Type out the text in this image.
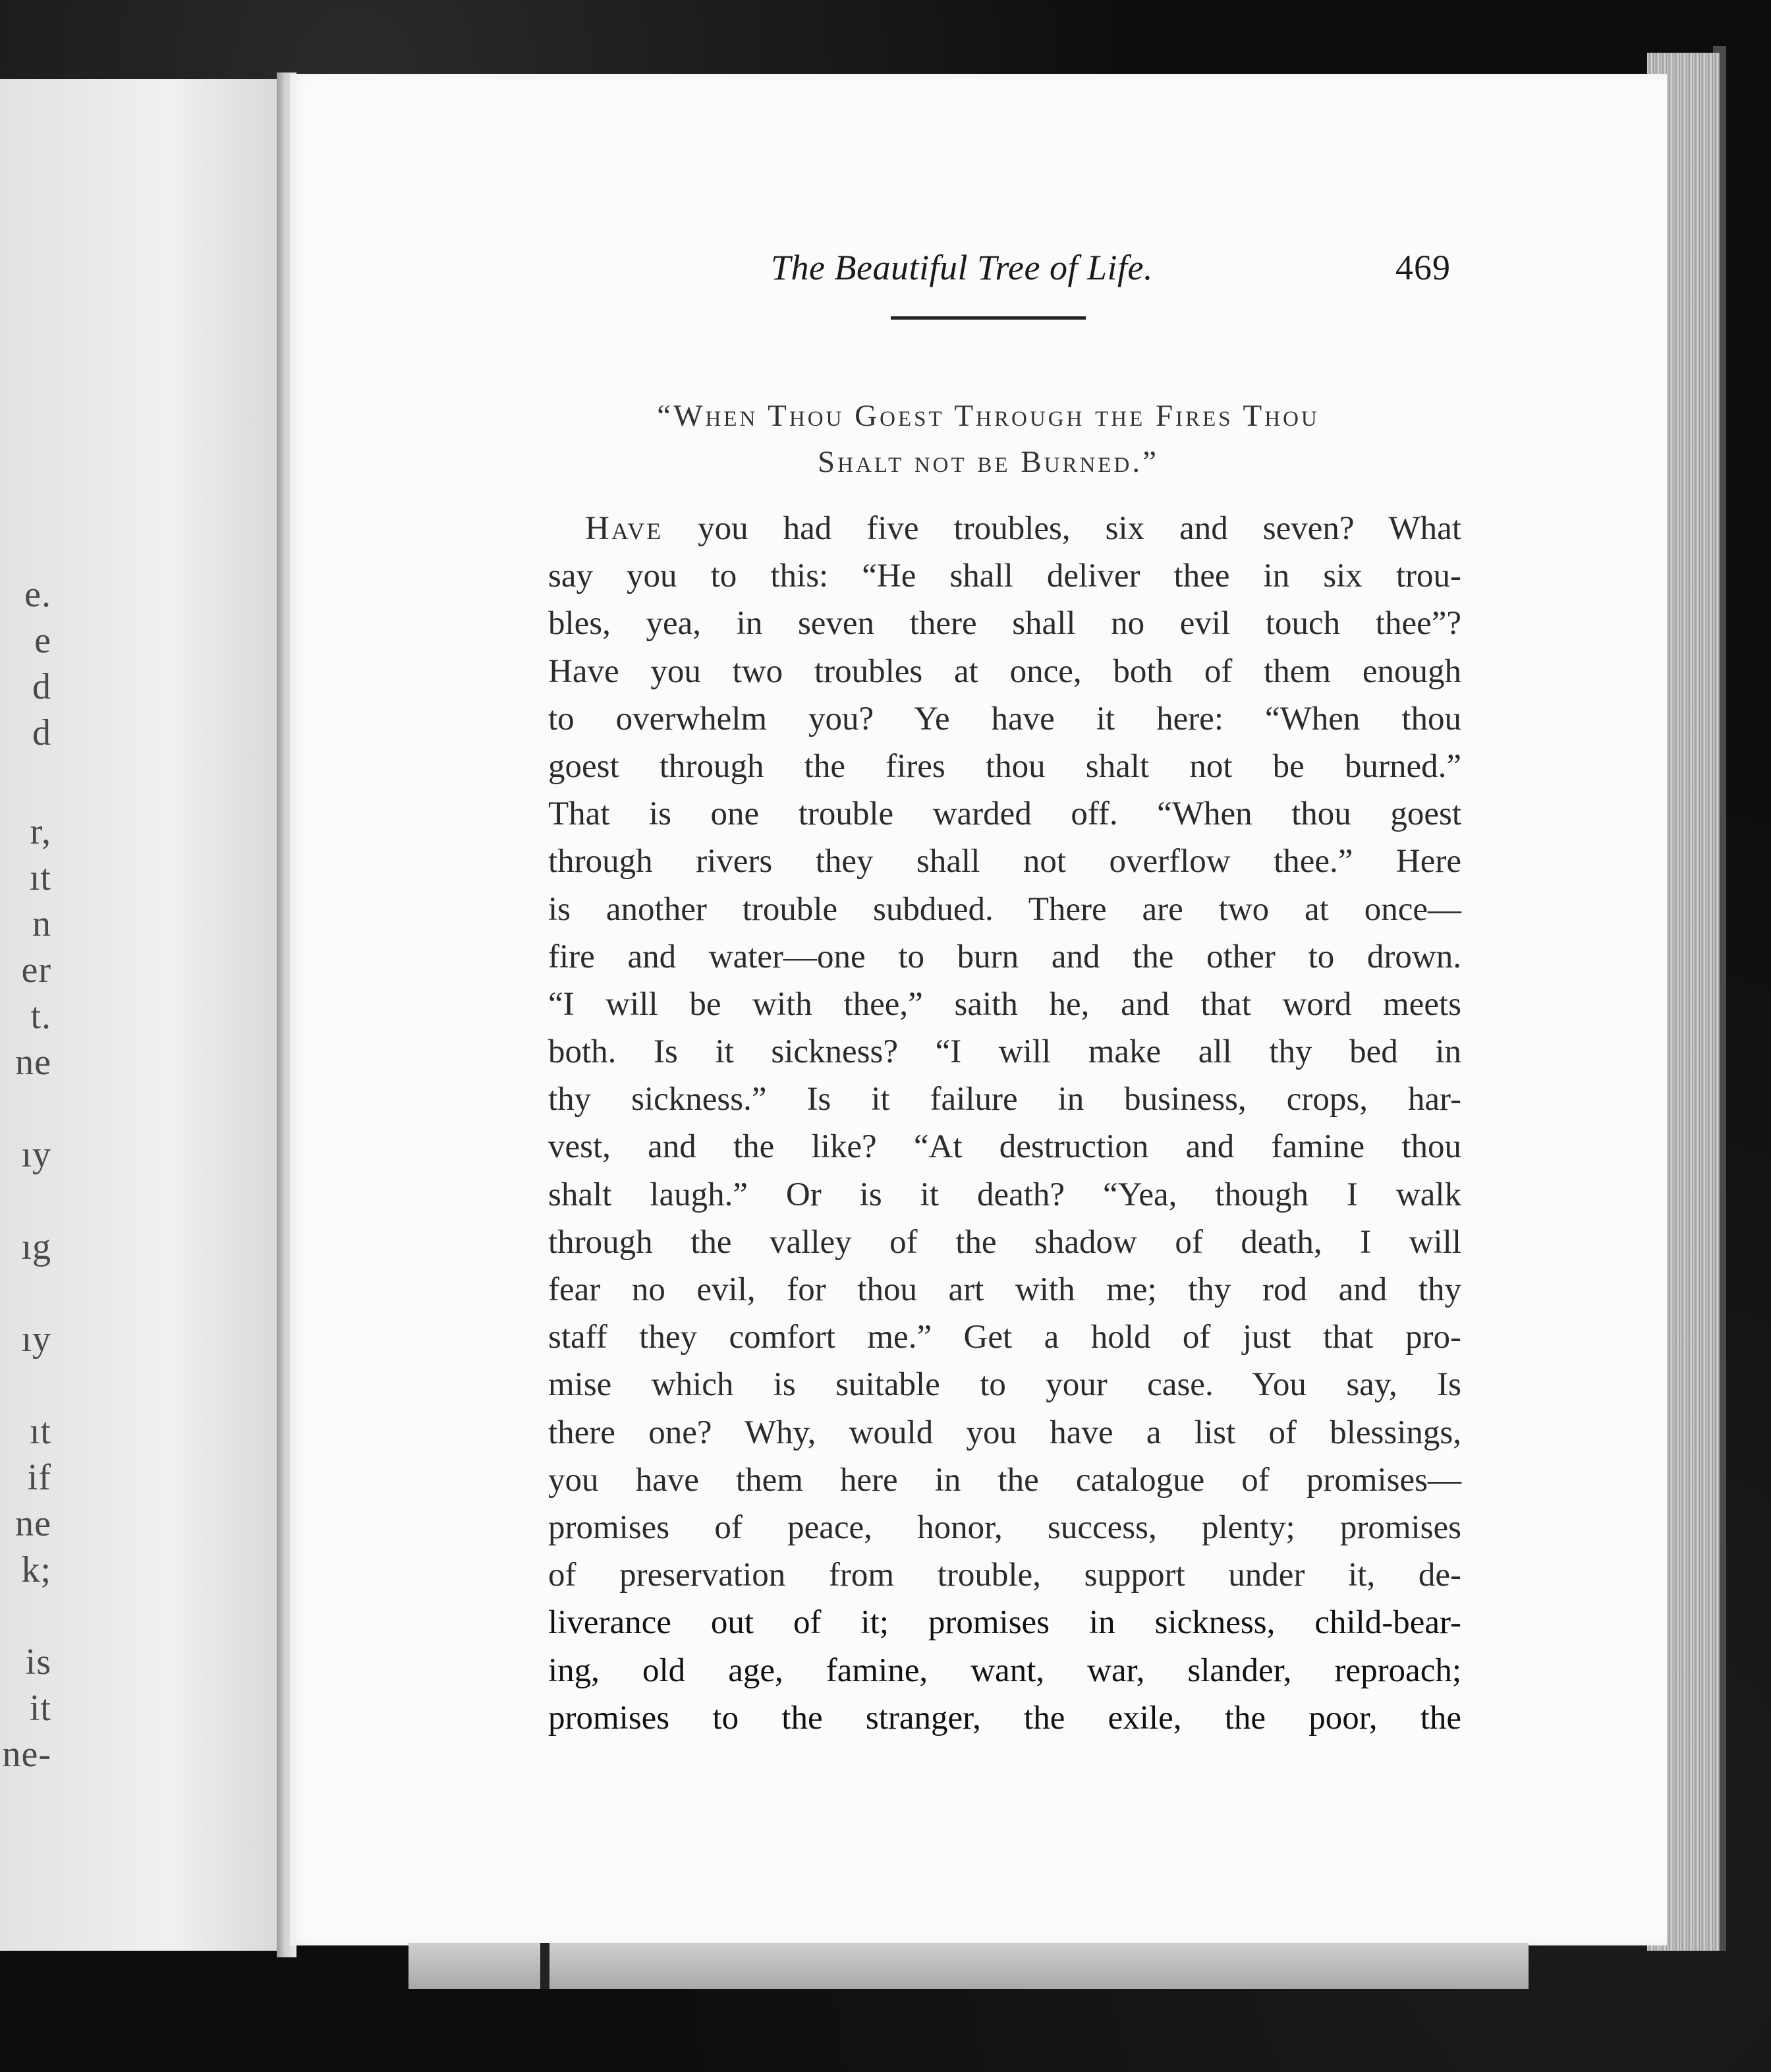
e.
e
d
d
r,
ıt
n
er
t.
ne
ıy
ıg
ıy
ıt
if
ne
k;
is
it
ne-
The Beautiful Tree of Life.	469
“When Thou Goest Through the Fires Thou
Shalt not be Burned.”
Have you had five troubles, six and seven? What
say you to this: “He shall deliver thee in six trou-
bles, yea, in seven there shall no evil touch thee”?
Have you two troubles at once, both of them enough
to overwhelm you? Ye have it here: “When thou
goest through the fires thou shalt not be burned.”
That is one trouble warded off. “When thou goest
through rivers they shall not overflow thee.” Here
is another trouble subdued. There are two at once—
fire and water—one to burn and the other to drown.
“I will be with thee,” saith he, and that word meets
both. Is it sickness? “I will make all thy bed in
thy sickness.” Is it failure in business, crops, har-
vest, and the like? “At destruction and famine thou
shalt laugh.” Or is it death? “Yea, though I walk
through the valley of the shadow of death, I will
fear no evil, for thou art with me; thy rod and thy
staff they comfort me.” Get a hold of just that pro-
mise which is suitable to your case. You say, Is
there one? Why, would you have a list of blessings,
you have them here in the catalogue of promises—
promises of peace, honor, success, plenty; promises
of preservation from trouble, support under it, de-
liverance out of it; promises in sickness, child-bear-
ing, old age, famine, want, war, slander, reproach;
promises to the stranger, the exile, the poor, the
